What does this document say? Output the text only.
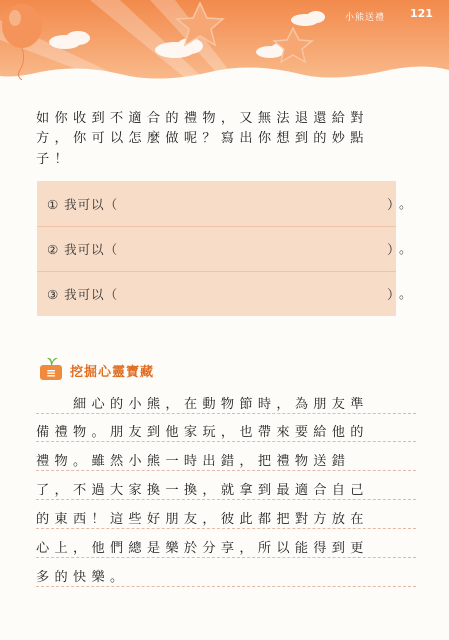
小熊送禮 121
如你收到不適合的禮物，又無法退還給對
方，你可以怎麼做呢？寫出你想到的妙點
子！
① 我可以（	）
。
② 我可以（	）
。
③ 我可以（	）
。
≡ 挖掘心靈寶藏
　　細心的小熊，在動物節時，為朋友準
備禮物。朋友到他家玩，也帶來要給他的
禮物。雖然小熊一時出錯，把禮物送錯
了，不過大家換一換，就拿到最適合自己
的東西！這些好朋友，彼此都把對方放在
心上，他們總是樂於分享，所以能得到更
多的快樂。
